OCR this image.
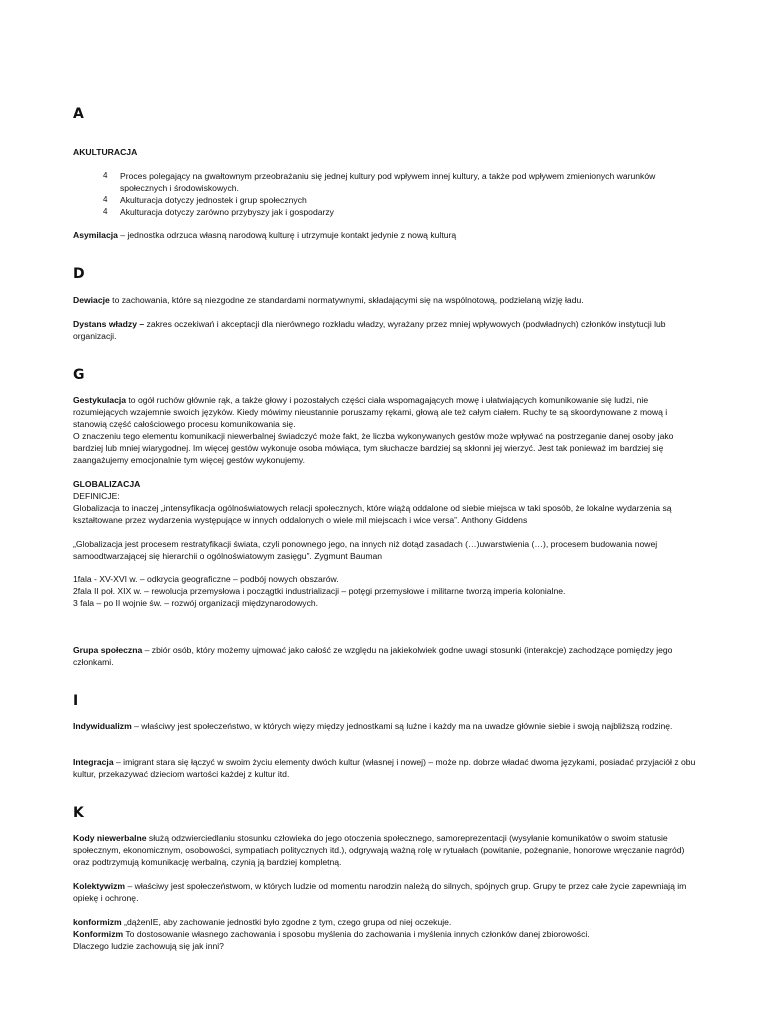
A

AKULTURACJA

4 Proces polegający na gwałtownym przeobrażaniu się jednej kultury pod wpływem innej kultury, a także pod wpływem zmienionych warunków społecznych i środowiskowych.
4 Akulturacja dotyczy jednostek i grup społecznych
4 Akulturacja dotyczy zarówno przybyszy jak i gospodarzy

Asymilacja – jednostka odrzuca własną narodową kulturę i utrzymuje kontakt jedynie z nową kulturą

D

Dewiacje to zachowania, które są niezgodne ze standardami normatywnymi, składającymi się na wspólnotową, podzielaną wizję ładu.

Dystans władzy – zakres oczekiwań i akceptacji dla nierównego rozkładu władzy, wyrażany przez mniej wpływowych (podwładnych) członków instytucji lub organizacji.

G

Gestykulacja to ogół ruchów głównie rąk, a także głowy i pozostałych części ciała wspomagających mowę i ułatwiających komunikowanie się ludzi, nie rozumiejących wzajemnie swoich języków. Kiedy mówimy nieustannie poruszamy rękami, głową ale też całym ciałem. Ruchy te są skoordynowane z mową i stanowią część całościowego procesu komunikowania się.

O znaczeniu tego elementu komunikacji niewerbalnej świadczyć może fakt, że liczba wykonywanych gestów może wpływać na postrzeganie danej osoby jako bardziej lub mniej wiarygodnej. Im więcej gestów wykonuje osoba mówiąca, tym słuchacze bardziej są skłonni jej wierzyć. Jest tak ponieważ im bardziej się zaangażujemy emocjonalnie tym więcej gestów wykonujemy.

GLOBALIZACJA

DEFINICJE:

Globalizacja to inaczej „intensyfikacja ogólnoświatowych relacji społecznych, które wiążą oddalone od siebie miejsca w taki sposób, że lokalne wydarzenia są kształtowane przez wydarzenia występujące w innych oddalonych o wiele mil miejscach i wice versa”. Anthony Giddens

„Globalizacja jest procesem restratyfikacji świata, czyli ponownego jego, na innych niż dotąd zasadach (…)uwarstwienia (…), procesem budowania nowej samoodtwarzającej się hierarchii o ogólnoświatowym zasięgu”. Zygmunt Bauman

1fala - XV-XVI w. – odkrycia geograficzne – podbój nowych obszarów.

2fala II poł. XIX w. – rewolucja przemysłowa i począgtki industrializacji – potęgi przemysłowe i militarne tworzą imperia kolonialne.

3 fala – po II wojnie św. – rozwój organizacji międzynarodowych.

Grupa społeczna – zbiór osób, który możemy ujmować jako całość ze względu na jakiekolwiek godne uwagi stosunki (interakcje) zachodzące pomiędzy jego członkami.

I

Indywidualizm – właściwy jest społeczeństwo, w których więzy między jednostkami są luźne i każdy ma na uwadze głównie siebie i swoją najbliższą rodzinę.

Integracja – imigrant stara się łączyć w swoim życiu elementy dwóch kultur (własnej i nowej) – może np. dobrze władać dwoma językami, posiadać przyjaciół z obu kultur, przekazywać dzieciom wartości każdej z kultur itd.

K

Kody niewerbalne służą odzwierciedlaniu stosunku człowieka do jego otoczenia społecznego, samoreprezentacji (wysyłanie komunikatów o swoim statusie społecznym, ekonomicznym, osobowości, sympatiach politycznych itd.), odgrywają ważną rolę w rytuałach (powitanie, pożegnanie, honorowe wręczanie nagród) oraz podtrzymują komunikację werbalną, czynią ją bardziej kompletną.

Kolektywizm – właściwy jest społeczeństwom, w których ludzie od momentu narodzin należą do silnych, spójnych grup. Grupy te przez całe życie zapewniają im opiekę i ochronę.

konformizm „dążenIE, aby zachowanie jednostki było zgodne z tym, czego grupa od niej oczekuje.

Konformizm To dostosowanie własnego zachowania i sposobu myślenia do zachowania i myślenia innych członków danej zbiorowości.

Dlaczego ludzie zachowują się jak inni?
